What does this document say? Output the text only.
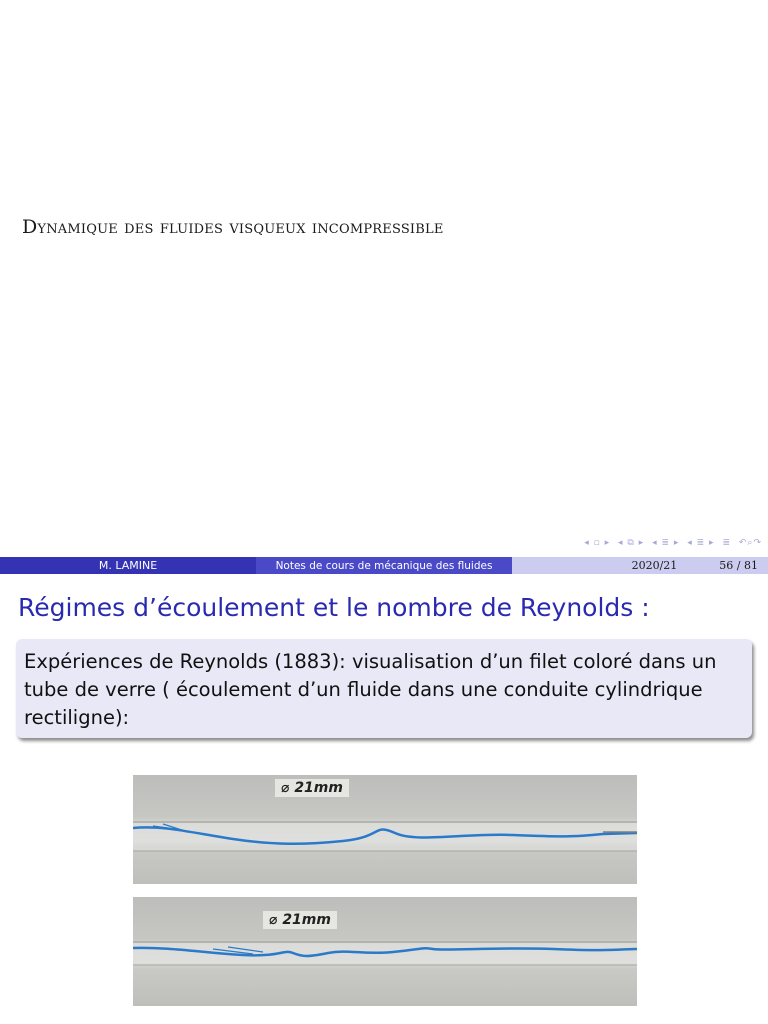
Dynamique des fluides visqueux incompressible
◂ ▫ ▸ ◂ ⧉ ▸ ◂ ≣ ▸ ◂ ≣ ▸ ≣ ↶⌕↷
M. LAMINE	Notes de cours de mécanique des fluides	2020/21	56 / 81
Régimes d’écoulement et le nombre de Reynolds :

Expériences de Reynolds (1883): visualisation d’un filet coloré dans un tube de verre ( écoulement d’un fluide dans une conduite cylindrique rectiligne):

⌀ 21mm
⌀ 21mm
